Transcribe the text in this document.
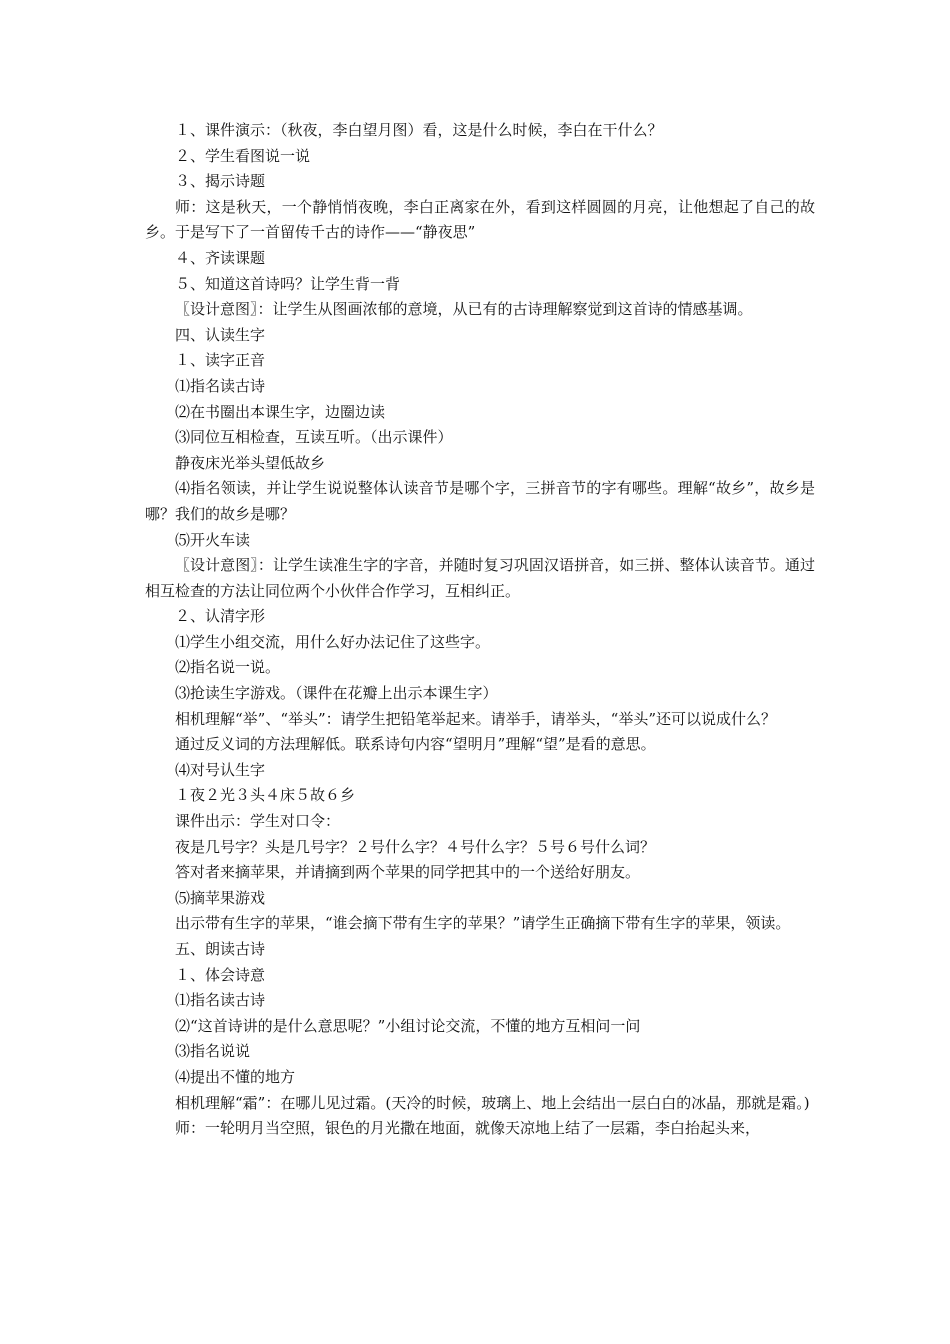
１、课件演示：（秋夜，李白望月图）看，这是什么时候，李白在干什么？

２、学生看图说一说

３、揭示诗题

师：这是秋天，一个静悄悄夜晚，李白正离家在外，看到这样圆圆的月亮，让他想起了自己的故乡。于是写下了一首留传千古的诗作——“静夜思”

４、齐读课题

５、知道这首诗吗？让学生背一背

〖设计意图〗：让学生从图画浓郁的意境，从已有的古诗理解察觉到这首诗的情感基调。

四、认读生字

１、读字正音

⑴指名读古诗

⑵在书圈出本课生字，边圈边读

⑶同位互相检查，互读互听。（出示课件）

静夜床光举头望低故乡

⑷指名领读，并让学生说说整体认读音节是哪个字，三拼音节的字有哪些。理解“故乡”，故乡是哪？我们的故乡是哪？

⑸开火车读

〖设计意图〗：让学生读准生字的字音，并随时复习巩固汉语拼音，如三拼、整体认读音节。通过相互检查的方法让同位两个小伙伴合作学习，互相纠正。

２、认清字形

⑴学生小组交流，用什么好办法记住了这些字。

⑵指名说一说。

⑶抢读生字游戏。（课件在花瓣上出示本课生字）

相机理解“举”、“举头”：请学生把铅笔举起来。请举手，请举头，“举头”还可以说成什么？

通过反义词的方法理解低。联系诗句内容“望明月”理解“望”是看的意思。

⑷对号认生字

１夜２光３头４床５故６乡

课件出示：学生对口令：

夜是几号字？头是几号字？２号什么字？４号什么字？５号６号什么词？

答对者来摘苹果，并请摘到两个苹果的同学把其中的一个送给好朋友。

⑸摘苹果游戏

出示带有生字的苹果，“谁会摘下带有生字的苹果？”请学生正确摘下带有生字的苹果，领读。

五、朗读古诗

１、体会诗意

⑴指名读古诗

⑵“这首诗讲的是什么意思呢？”小组讨论交流，不懂的地方互相问一问

⑶指名说说

⑷提出不懂的地方

相机理解“霜”：在哪儿见过霜。(天冷的时候，玻璃上、地上会结出一层白白的冰晶，那就是霜。)

师：一轮明月当空照，银色的月光撒在地面，就像天凉地上结了一层霜，李白抬起头来，
